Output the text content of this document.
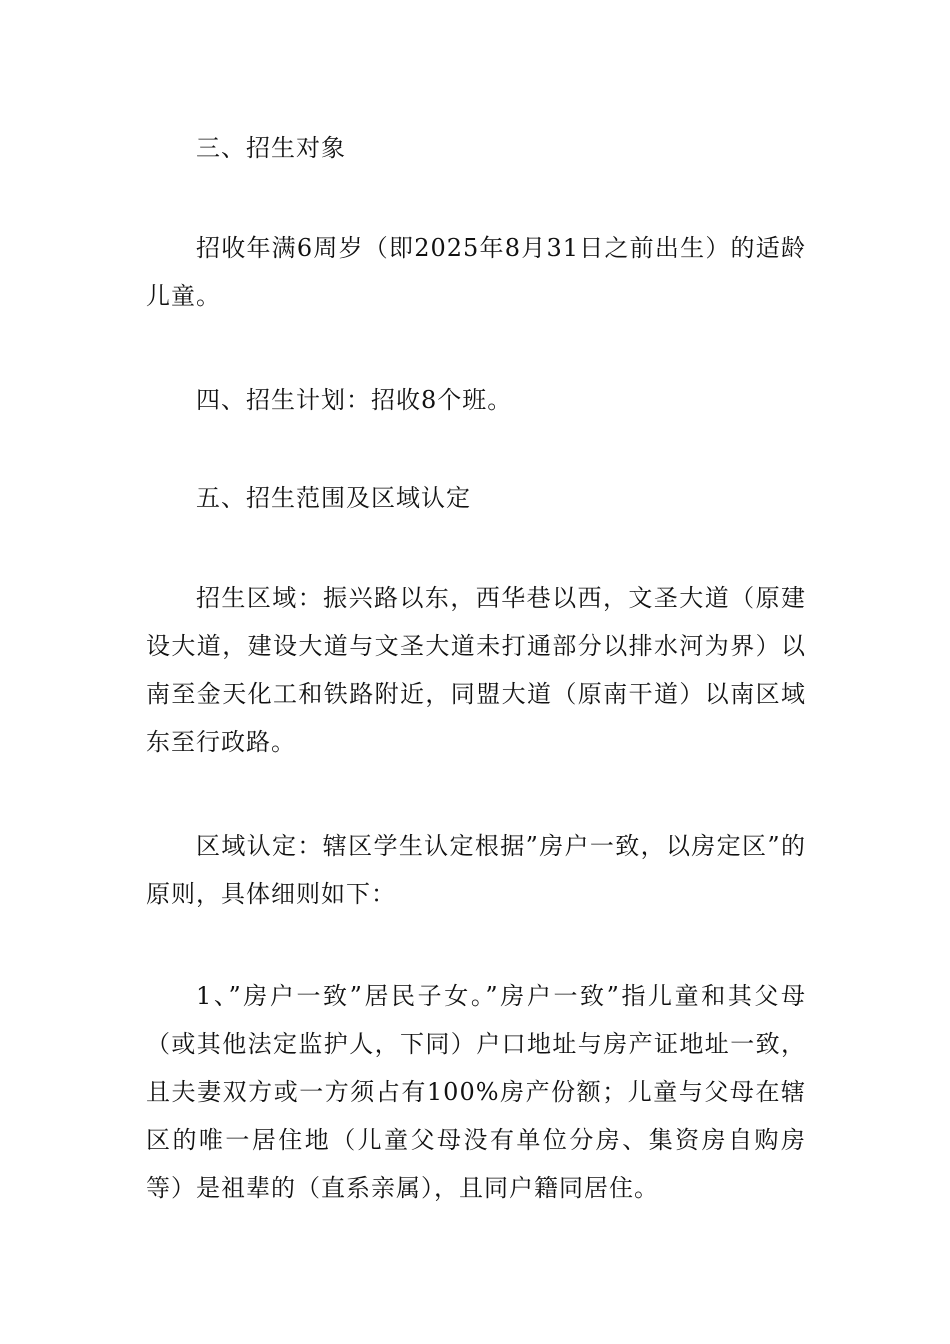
三、招生对象

招收年满6周岁（即2025年8月31日之前出生）的适龄儿童。

四、招生计划：招收8个班。

五、招生范围及区域认定

招生区域：振兴路以东，西华巷以西，文圣大道（原建设大道，建设大道与文圣大道未打通部分以排水河为界）以南至金天化工和铁路附近，同盟大道（原南干道）以南区域东至行政路。

区域认定：辖区学生认定根据”房户一致，以房定区”的原则，具体细则如下：

1、”房户一致”居民子女。”房户一致”指儿童和其父母（或其他法定监护人，下同）户口地址与房产证地址一致，且夫妻双方或一方须占有100%房产份额；儿童与父母在辖区的唯一居住地（儿童父母没有单位分房、集资房自购房等）是祖辈的（直系亲属），且同户籍同居住。
